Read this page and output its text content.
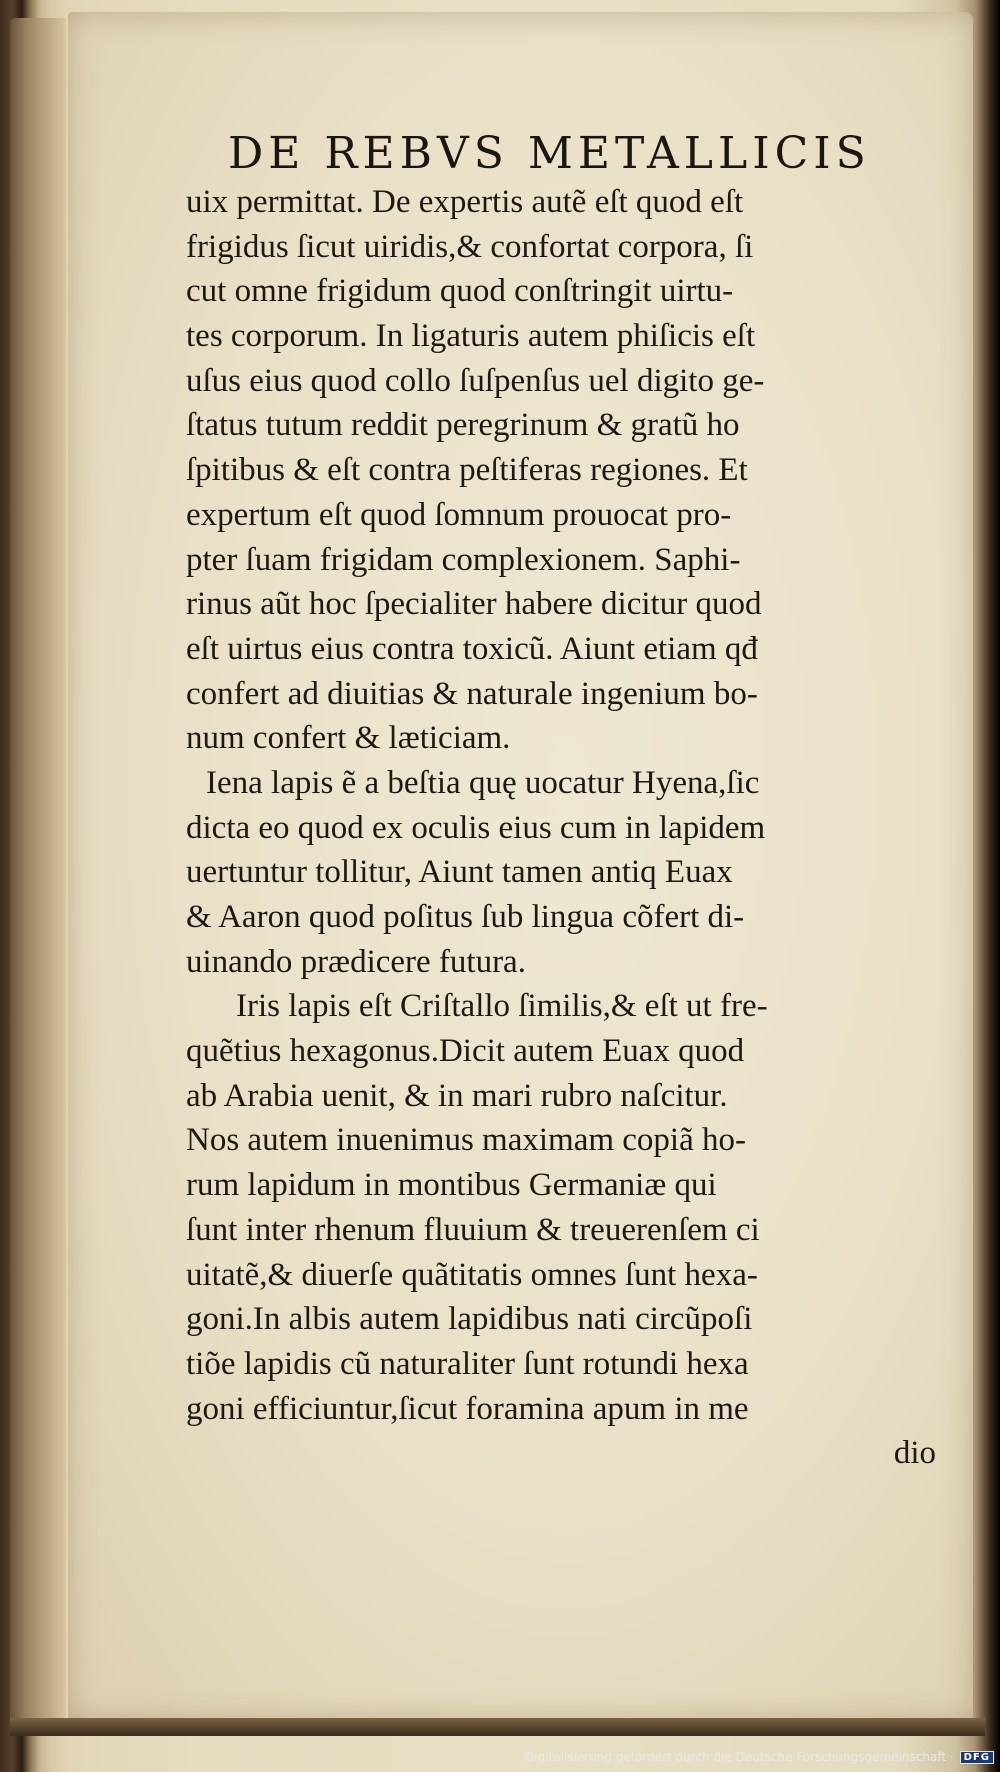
DE REBVS METALLICIS
uix permittat. De expertis autẽ eſt quod eſt
frigidus ſicut uiridis,& confortat corpora, ſi
cut omne frigidum quod conſtringit uirtu-
tes corporum. In ligaturis autem phiſicis eſt
uſus eius quod collo ſuſpenſus uel digito ge-
ſtatus tutum reddit peregrinum & gratũ ho
ſpitibus & eſt contra peſtiferas regiones. Et
expertum eſt quod ſomnum prouocat pro-
pter ſuam frigidam complexionem. Saphi-
rinus aũt hoc ſpecialiter habere dicitur quod
eſt uirtus eius contra toxicũ. Aiunt etiam qđ
confert ad diuitias & naturale ingenium bo-
num confert & lætіciam.
Iena lapis ẽ a beſtia quę uocatur Hyena,ſic
dicta eo quod ex oculis eius cum in lapidem
uertuntur tollitur, Aiunt tamen antiq Euax
& Aaron quod poſitus ſub lingua cõfert di-
uinando prædicere futura.
Iris lapis eſt Criſtallo ſimilis,& eſt ut fre-
quẽtius hexagonus.Dicit autem Euax quod
ab Arabia uenit, & in mari rubro naſcitur.
Nos autem inuenimus maximam copiã ho-
rum lapidum in montibus Germaniæ qui
ſunt inter rhenum fluuium & treuerenſem ci
uitatẽ,& diuerſe quãtitatis omnes ſunt hexa-
goni.In albis autem lapidibus nati circũpoſi
tiõe lapidis cũ naturaliter ſunt rotundi hexa
goni efficiuntur,ſicut foramina apum in me
dio
Digitalisierung gefördert durch die Deutsche Forschungsgemeinschaft ·	DFG
